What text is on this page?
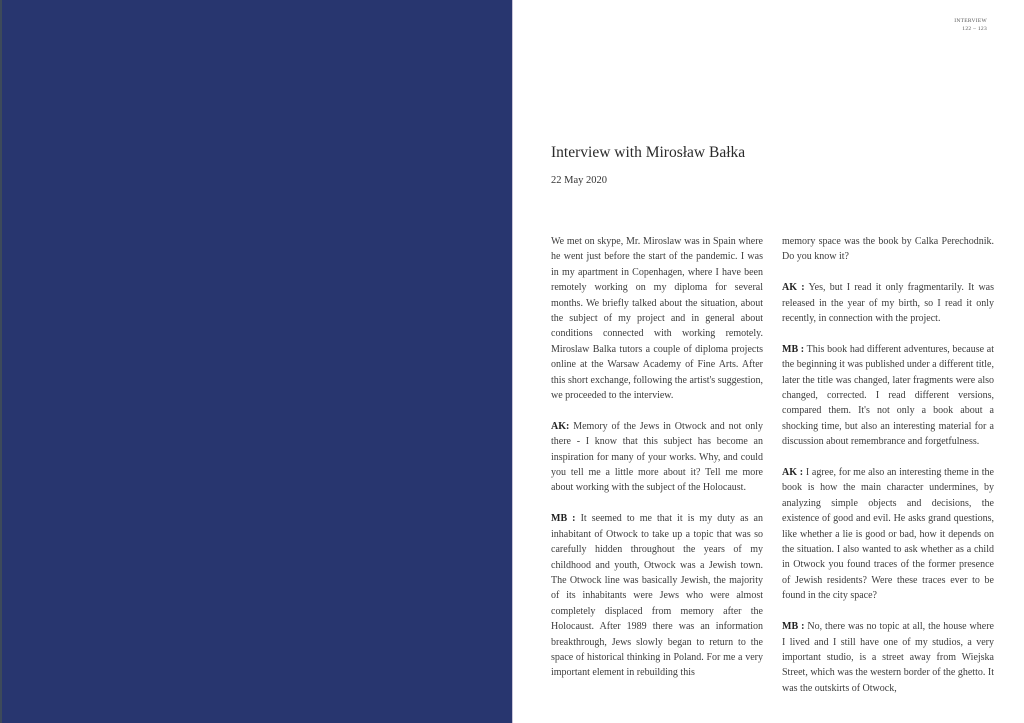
INTERVIEW
122 – 123
Interview with Mirosław Bałka
22 May 2020

We met on skype, Mr. Miroslaw was in Spain where he went just before the start of the pandemic. I was in my apartment in Copenhagen, where I have been remotely working on my diploma for several months. We briefly talked about the situation, about the subject of my project and in general about conditions connected with working remotely. Miroslaw Balka tutors a couple of diploma projects online at the Warsaw Academy of Fine Arts. After this short exchange, following the artist's suggestion, we proceeded to the interview.

AK: Memory of the Jews in Otwock and not only there - I know that this subject has become an inspiration for many of your works. Why, and could you tell me a little more about it? Tell me more about working with the subject of the Holocaust.

MB : It seemed to me that it is my duty as an inhabitant of Otwock to take up a topic that was so carefully hidden throughout the years of my childhood and youth, Otwock was a Jewish town. The Otwock line was basically Jewish, the majority of its inhabitants were Jews who were almost completely displaced from memory after the Holocaust. After 1989 there was an information breakthrough, Jews slowly began to return to the space of historical thinking in Poland. For me a very important element in rebuilding this

memory space was the book by Calka Perechodnik. Do you know it?

AK : Yes, but I read it only fragmentarily. It was released in the year of my birth, so I read it only recently, in connection with the project.

MB : This book had different adventures, because at the beginning it was published under a different title, later the title was changed, later fragments were also changed, corrected. I read different versions, compared them. It's not only a book about a shocking time, but also an interesting material for a discussion about remembrance and forgetfulness.

AK : I agree, for me also an interesting theme in the book is how the main character undermines, by analyzing simple objects and decisions, the existence of good and evil. He asks grand questions, like whether a lie is good or bad, how it depends on the situation. I also wanted to ask whether as a child in Otwock you found traces of the former presence of Jewish residents? Were these traces ever to be found in the city space?

MB : No, there was no topic at all, the house where I lived and I still have one of my studios, a very important studio, is a street away from Wiejska Street, which was the western border of the ghetto. It was the outskirts of Otwock,
